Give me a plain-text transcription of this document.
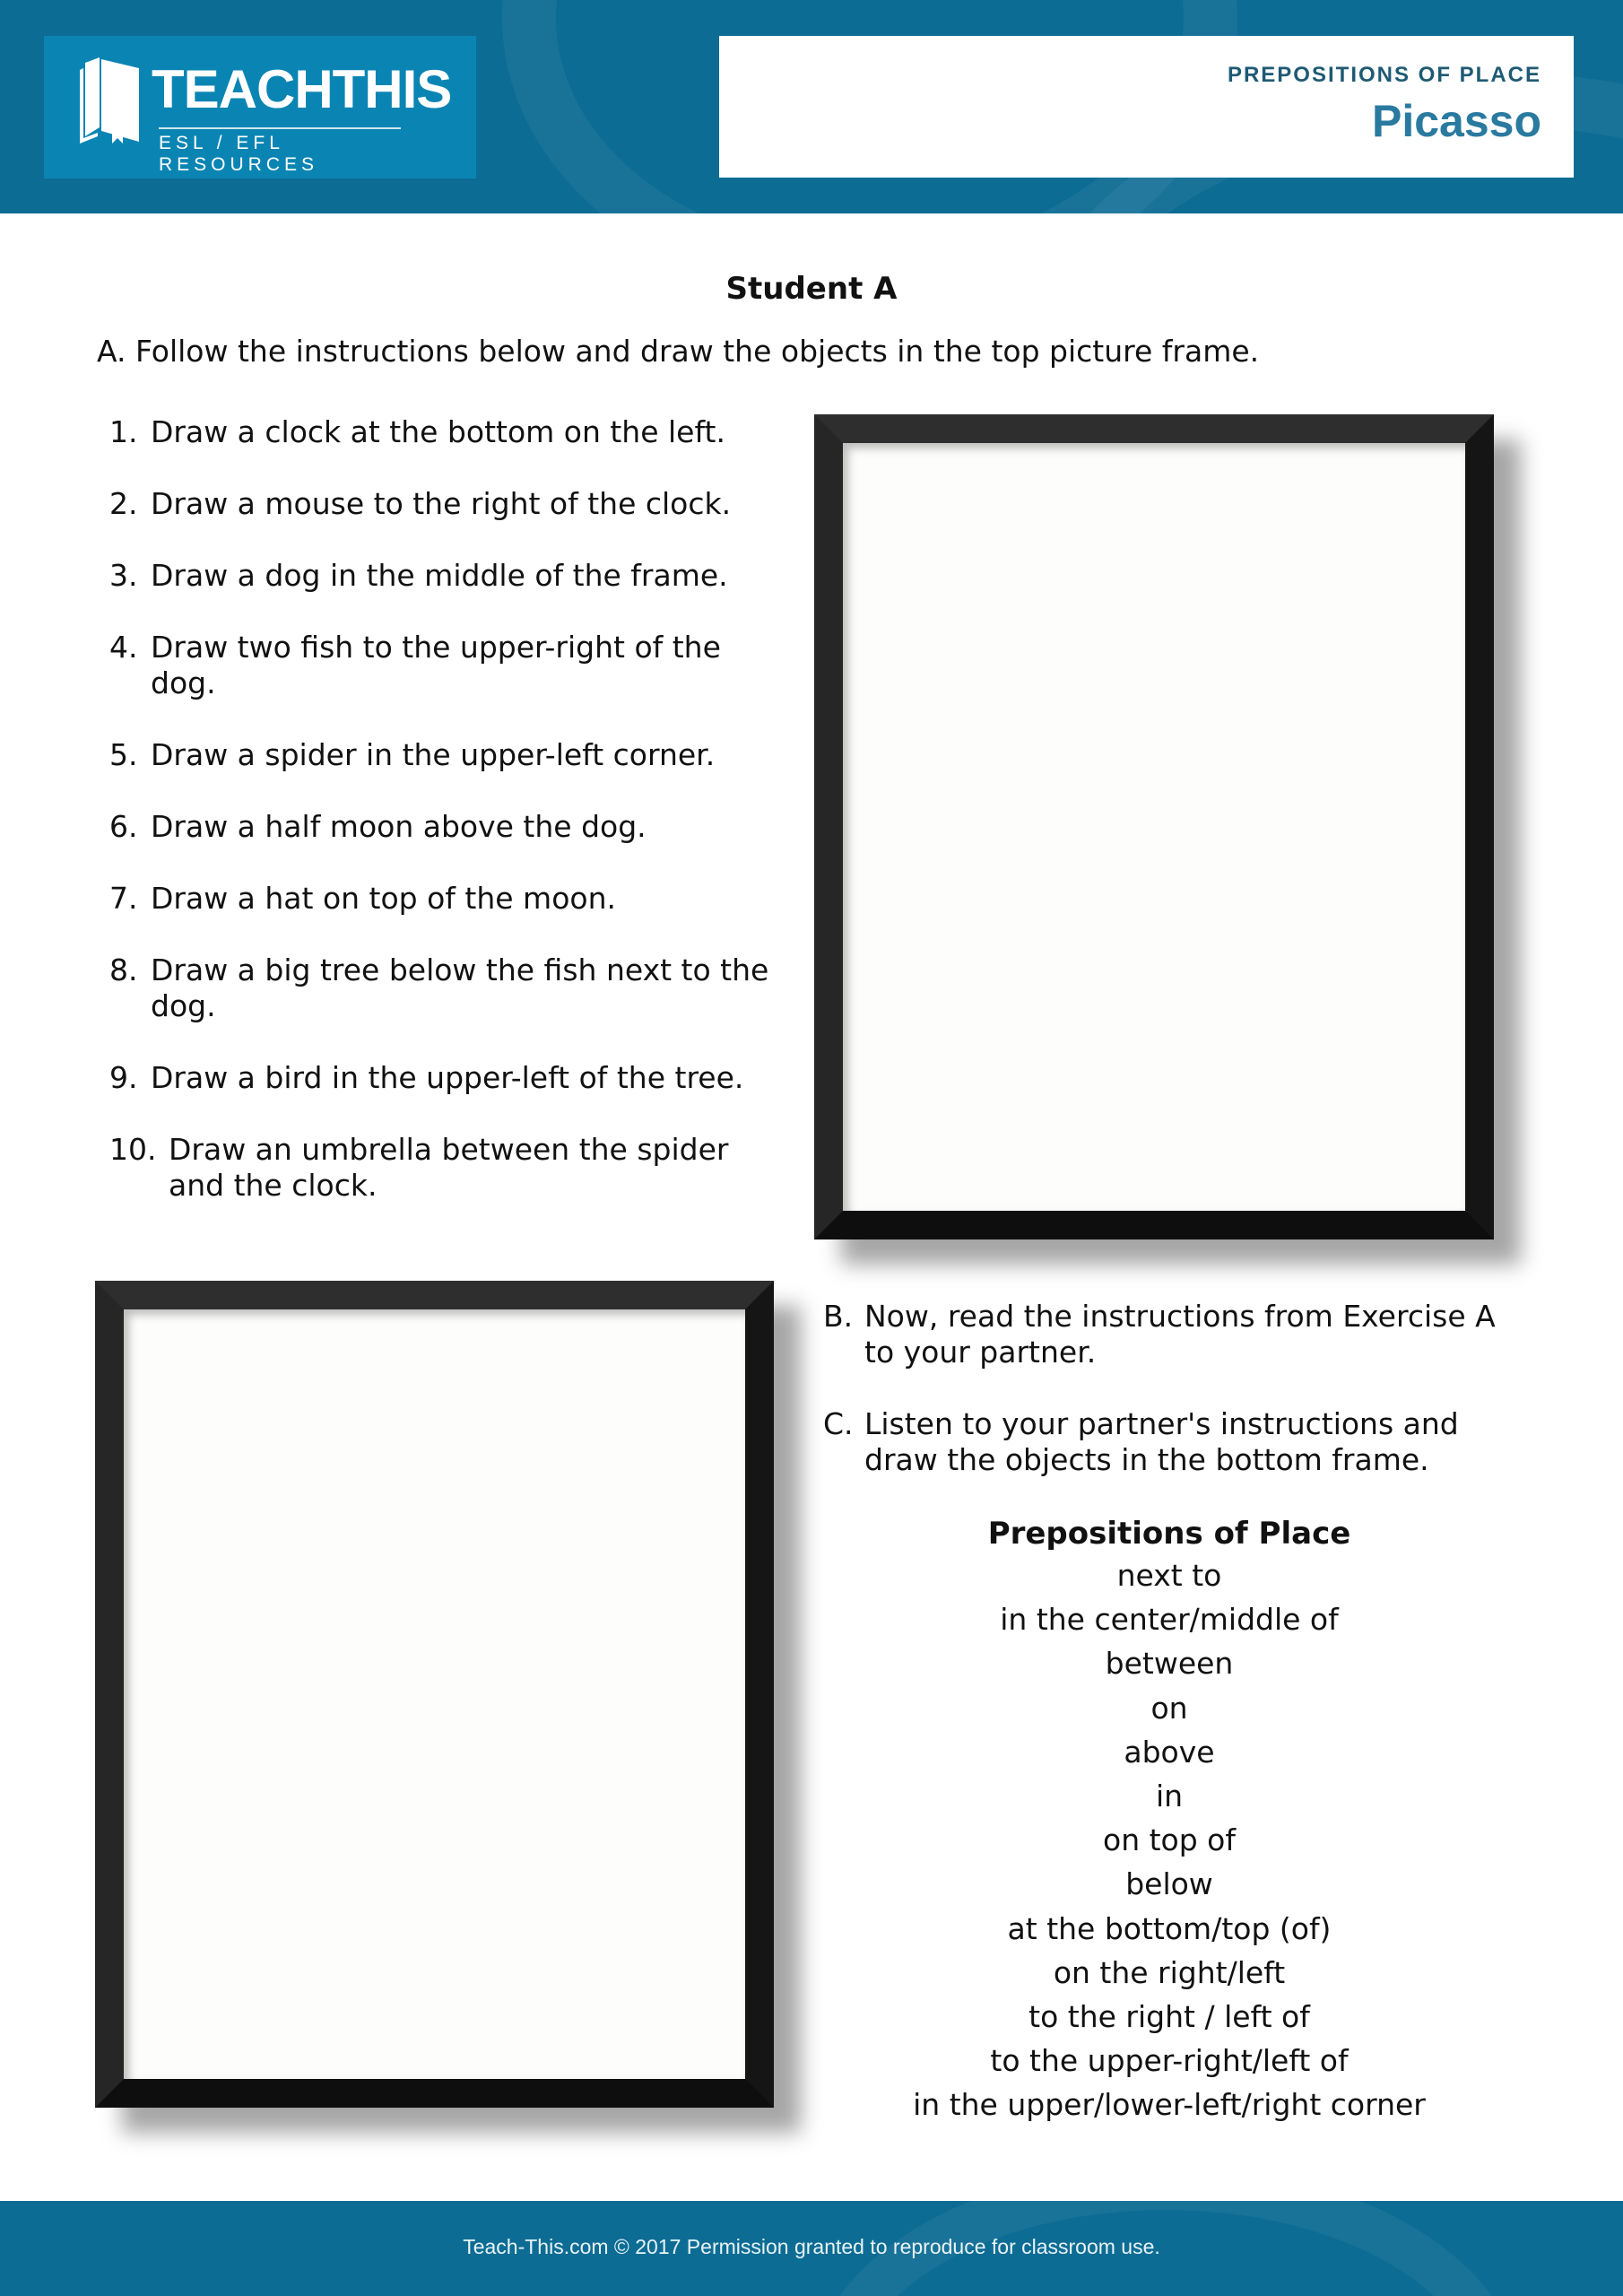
TEACHTHIS
ESL / EFL RESOURCES
PREPOSITIONS OF PLACE
Picasso
Student A
A. Follow the instructions below and draw the objects in the top picture frame.
1. Draw a clock at the bottom on the left.
2. Draw a mouse to the right of the clock.
3. Draw a dog in the middle of the frame.
4. Draw two fish to the upper-right of the dog.
5. Draw a spider in the upper-left corner.
6. Draw a half moon above the dog.
7. Draw a hat on top of the moon.
8. Draw a big tree below the fish next to the dog.
9. Draw a bird in the upper-left of the tree.
10. Draw an umbrella between the spider and the clock.
B. Now, read the instructions from Exercise A to your partner.
C. Listen to your partner's instructions and draw the objects in the bottom frame.
Prepositions of Place
next to
in the center/middle of
between
on
above
in
on top of
below
at the bottom/top (of)
on the right/left
to the right / left of
to the upper-right/left of
in the upper/lower-left/right corner
Teach-This.com © 2017 Permission granted to reproduce for classroom use.
